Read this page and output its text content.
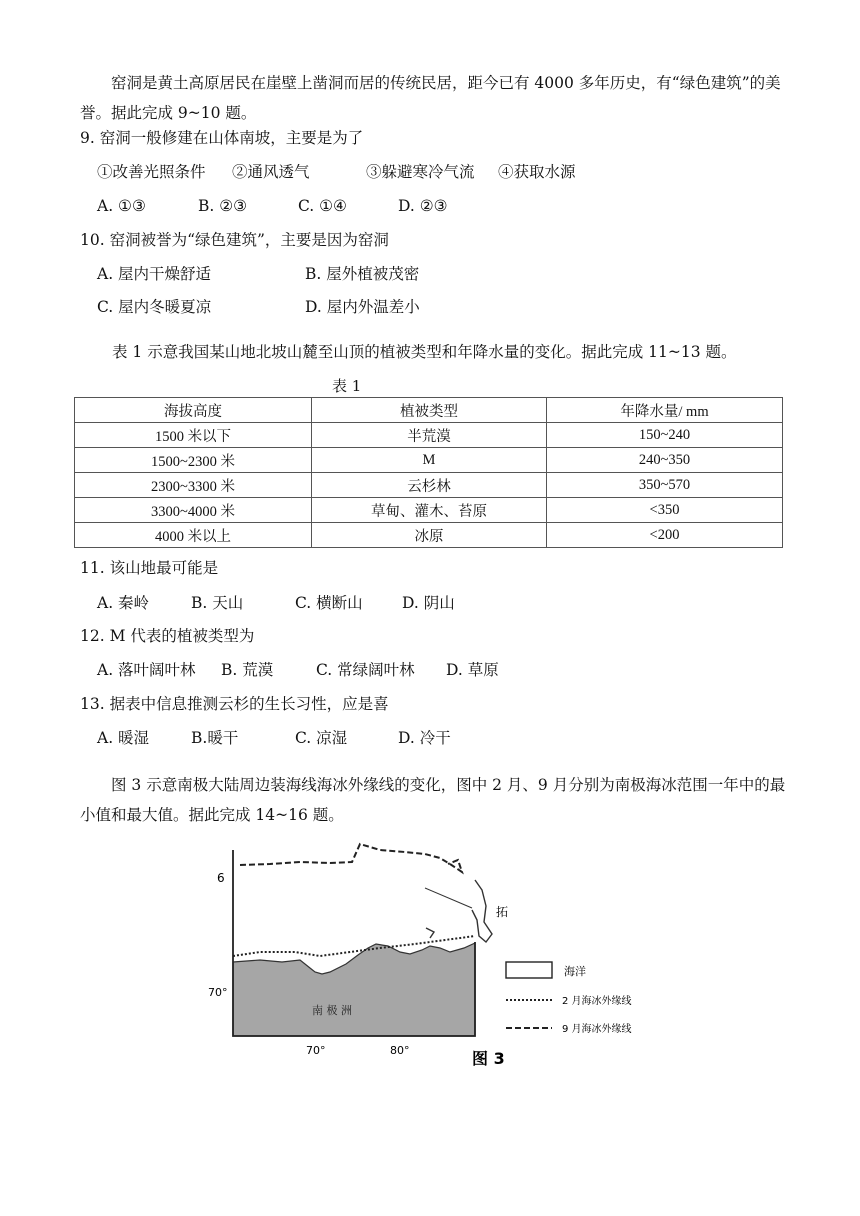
窑洞是黄土高原居民在崖壁上凿洞而居的传统民居，距今已有 4000 多年历史，有“绿色建筑”的美誉。据此完成 9~10 题。
9. 窑洞一般修建在山体南坡，主要是为了
①改善光照条件 ②通风透气	③躲避寒冷气流 ④获取水源
A. ①③	B. ②③	C. ①④	D. ②③
10. 窑洞被誉为“绿色建筑”，主要是因为窑洞
A. 屋内干燥舒适	B. 屋外植被茂密
C. 屋内冬暖夏凉	D. 屋内外温差小
表 1 示意我国某山地北坡山麓至山顶的植被类型和年降水量的变化。据此完成 11~13 题。
表 1
海拔高度	植被类型	年降水量/ mm
1500 米以下	半荒漠	150~240
1500~2300 米	M	240~350
2300~3300 米	云杉林	350~570
3300~4000 米	草甸、灌木、苔原	<350
4000 米以上	冰原	<200
11. 该山地最可能是
A. 秦岭	B. 天山	C. 横断山	D. 阴山
12. M 代表的植被类型为
A. 落叶阔叶林 B. 荒漠	C. 常绿阔叶林 D. 草原
13. 据表中信息推测云杉的生长习性，应是喜
A. 暖湿	B.暖干	C. 凉湿	D. 冷干
图 3 示意南极大陆周边装海线海冰外缘线的变化，图中 2 月、9 月分别为南极海冰范围一年中的最小值和最大值。据此完成 14~16 题。
6
70°
70°	80°
南 极 洲
拓
海洋
2 月海冰外缘线
9 月海冰外缘线
图 3
